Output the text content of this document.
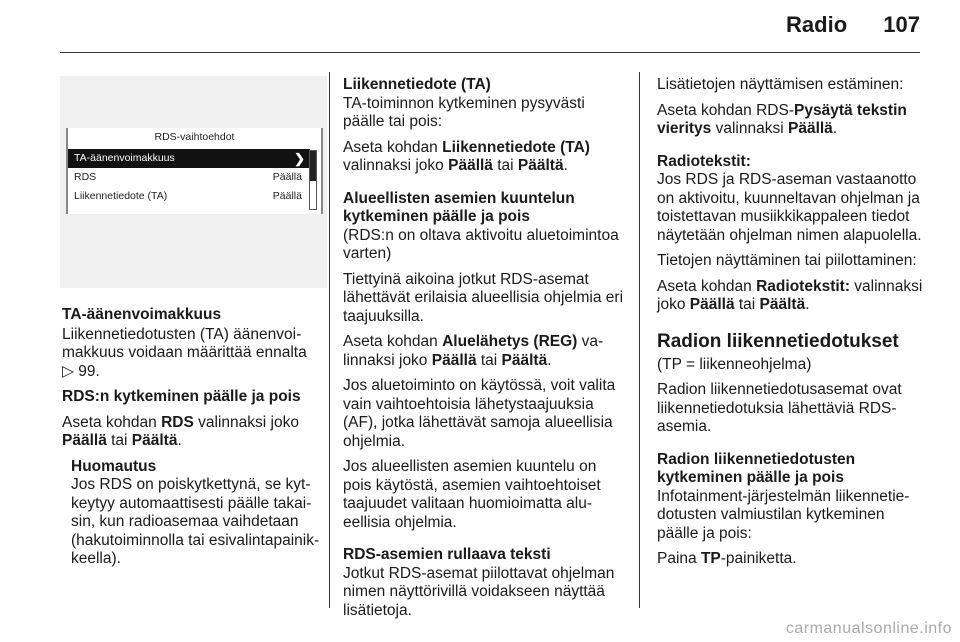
Radio 107
RDS-vaihtoehdot
TA-äänenvoimakkuus	❯
RDS	Päällä
Liikennetiedote (TA)	Päällä

TA-äänenvoimakkuus

Liikennetiedotusten (TA) äänenvoimakkuus voidaan määrittää ennalta
▷ 99.

RDS:n kytkeminen päälle ja pois

Aseta kohdan RDS valinnaksi joko
Päällä tai Päältä.

Huomautus

Jos RDS on poiskytkettynä, se kytkeytyy automaattisesti päälle takaisin, kun radioasemaa vaihdetaan (hakutoiminnolla tai esivalintapainikkeella).

Liikennetiedote (TA)

TA-toiminnon kytkeminen pysyvästi päälle tai pois:

Aseta kohdan Liikennetiedote (TA)
valinnaksi joko Päällä tai Päältä.

Alueellisten asemien kuuntelun kytkeminen päälle ja pois

(RDS:n on oltava aktivoitu aluetoimintoa varten)

Tiettyinä aikoina jotkut RDS-asemat lähettävät erilaisia alueellisia ohjelmia eri taajuuksilla.

Aseta kohdan Aluelähetys (REG) valinnaksi joko Päällä tai Päältä.

Jos aluetoiminto on käytössä, voit valita vain vaihtoehtoisia lähetystaajuuksia (AF), jotka lähettävät samoja alueellisia ohjelmia.

Jos alueellisten asemien kuuntelu on pois käytöstä, asemien vaihtoehtoiset taajuudet valitaan huomioimatta alueellisia ohjelmia.

RDS-asemien rullaava teksti

Jotkut RDS-asemat piilottavat ohjelman nimen näyttörivillä voidakseen näyttää lisätietoja.

Lisätietojen näyttämisen estäminen:

Aseta kohdan RDS-Pysäytä tekstin vieritys valinnaksi Päällä.

Radiotekstit:

Jos RDS ja RDS-aseman vastaanotto on aktivoitu, kuunneltavan ohjelman ja toistettavan musiikkikappaleen tiedot näytetään ohjelman nimen alapuolella.

Tietojen näyttäminen tai piilottaminen:

Aseta kohdan Radiotekstit: valinnaksi joko Päällä tai Päältä.

Radion liikennetiedotukset

(TP = liikenneohjelma)

Radion liikennetiedotusasemat ovat liikennetiedotuksia lähettäviä RDS-asemia.

Radion liikennetiedotusten kytkeminen päälle ja pois

Infotainment-järjestelmän liikennetiedotusten valmiustilan kytkeminen päälle ja pois:

Paina TP-painiketta.

carmanualsonline.info
